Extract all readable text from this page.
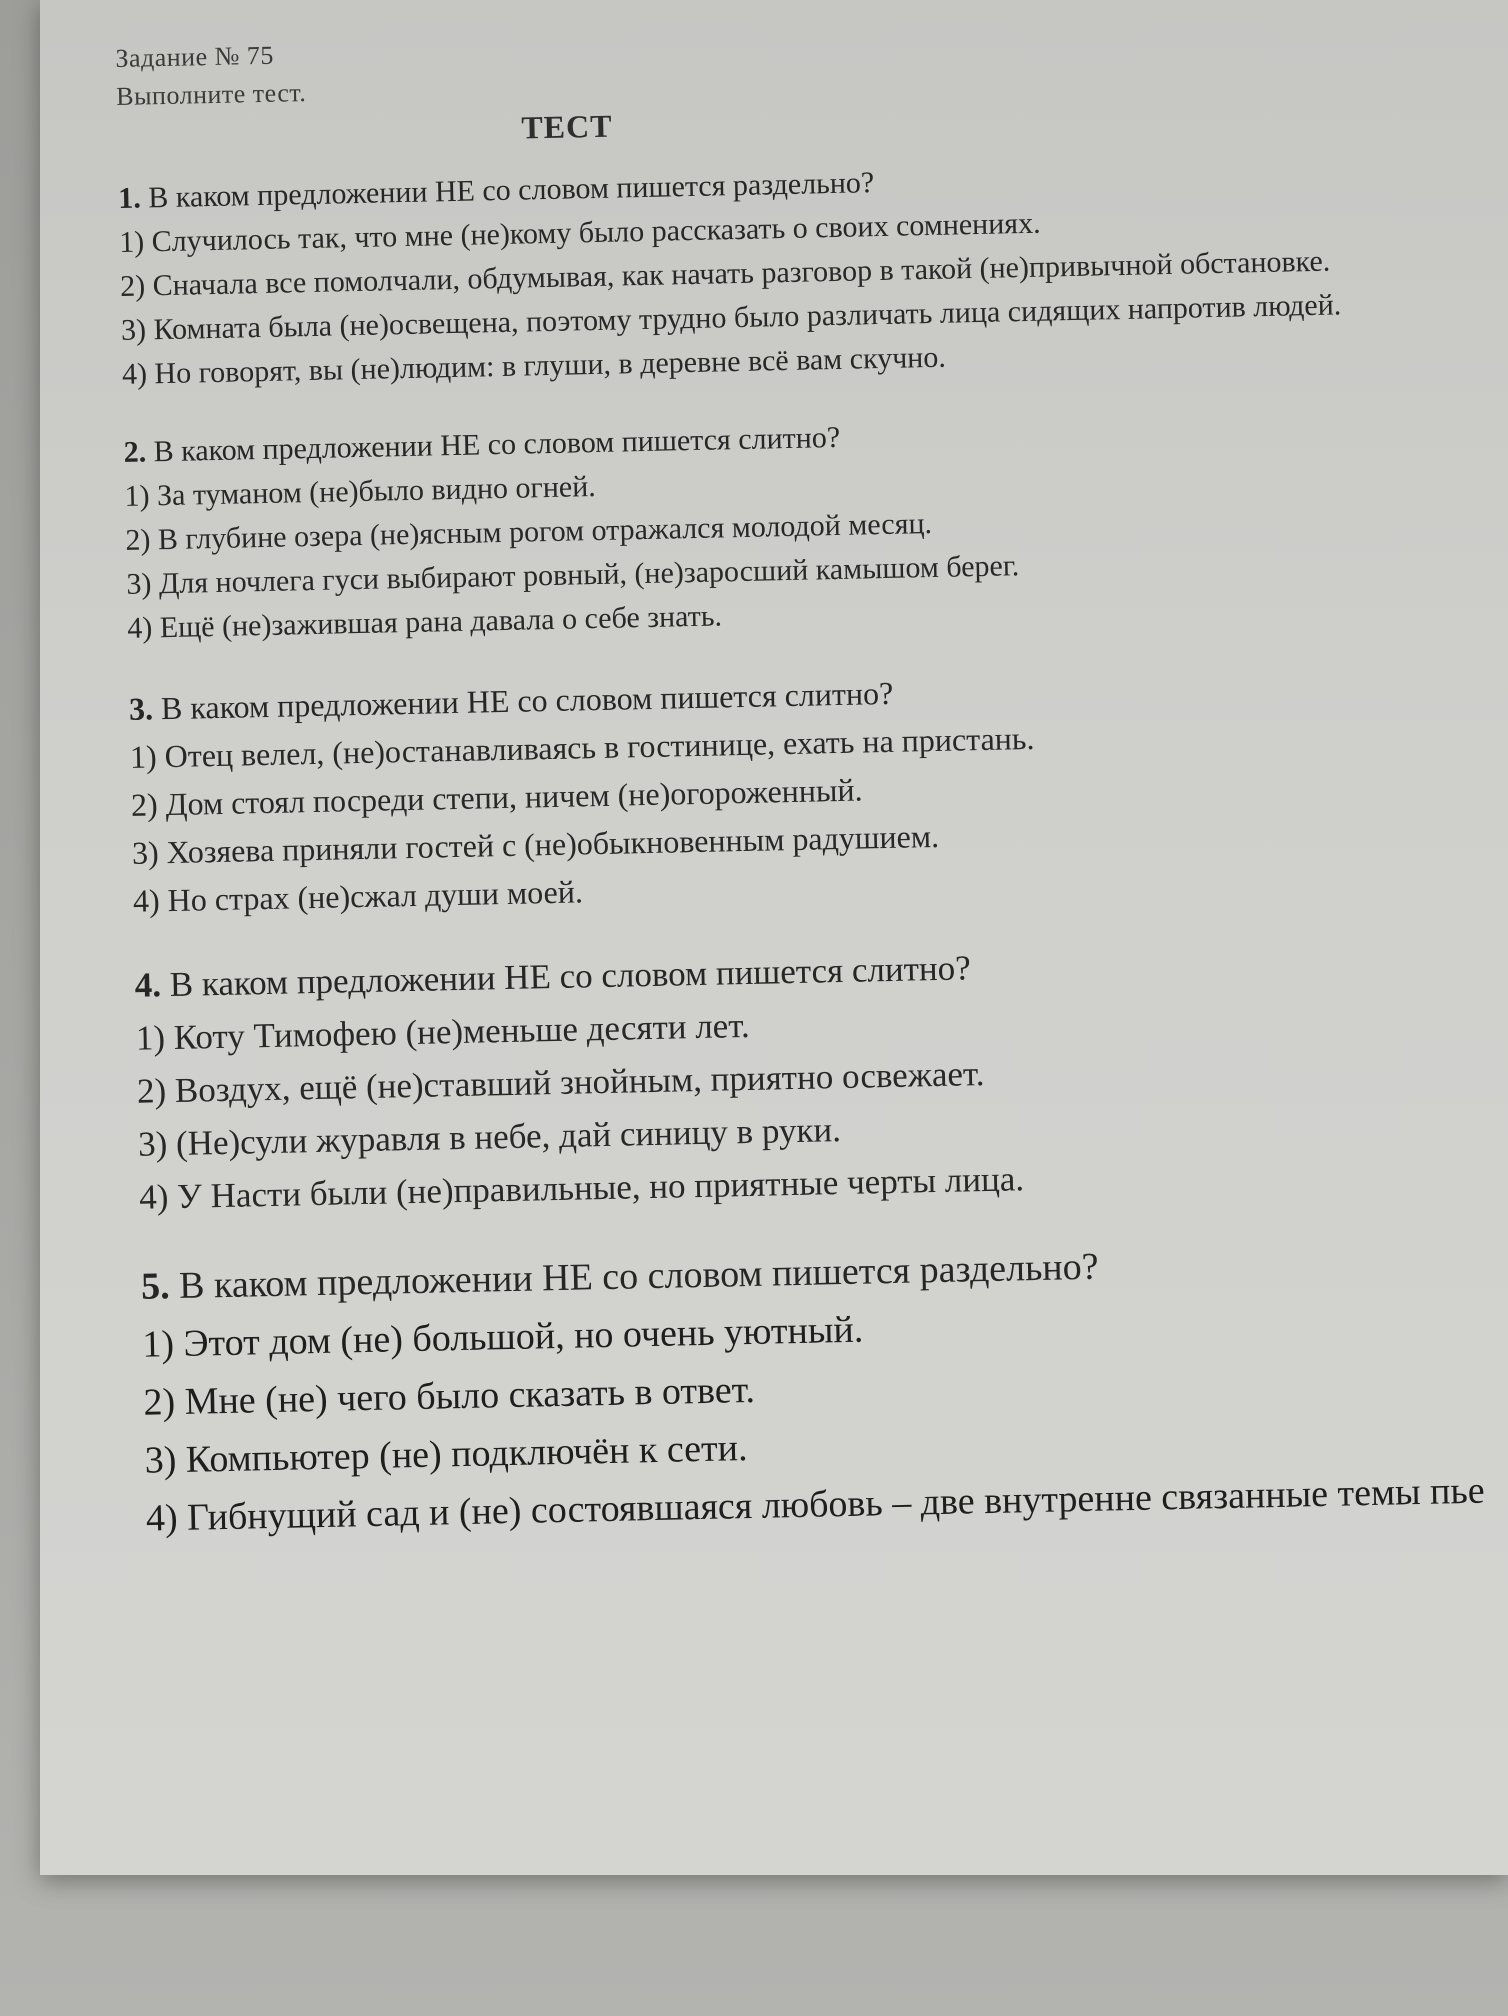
Задание № 75

Выполните тест.

ТЕСТ

1. В каком предложении НЕ со словом пишется раздельно?

1) Случилось так, что мне (не)кому было рассказать о своих сомнениях.

2) Сначала все помолчали, обдумывая, как начать разговор в такой (не)привычной обстановке.

3) Комната была (не)освещена, поэтому трудно было различать лица сидящих напротив людей.

4) Но говорят, вы (не)людим: в глуши, в деревне всё вам скучно.

2. В каком предложении НЕ со словом пишется слитно?

1) За туманом (не)было видно огней.

2) В глубине озера (не)ясным рогом отражался молодой месяц.

3) Для ночлега гуси выбирают ровный, (не)заросший камышом берег.

4) Ещё (не)зажившая рана давала о себе знать.

3. В каком предложении НЕ со словом пишется слитно?

1) Отец велел, (не)останавливаясь в гостинице, ехать на пристань.

2) Дом стоял посреди степи, ничем (не)огороженный.

3) Хозяева приняли гостей с (не)обыкновенным радушием.

4) Но страх (не)сжал души моей.

4. В каком предложении НЕ со словом пишется слитно?

1) Коту Тимофею (не)меньше десяти лет.

2) Воздух, ещё (не)ставший знойным, приятно освежает.

3) (Не)сули журавля в небе, дай синицу в руки.

4) У Насти были (не)правильные, но приятные черты лица.

5. В каком предложении НЕ со словом пишется раздельно?

1) Этот дом (не) большой, но очень уютный.

2) Мне (не) чего было сказать в ответ.

3) Компьютер (не) подключён к сети.

4) Гибнущий сад и (не) состоявшаяся любовь – две внутренне связанные темы пье
